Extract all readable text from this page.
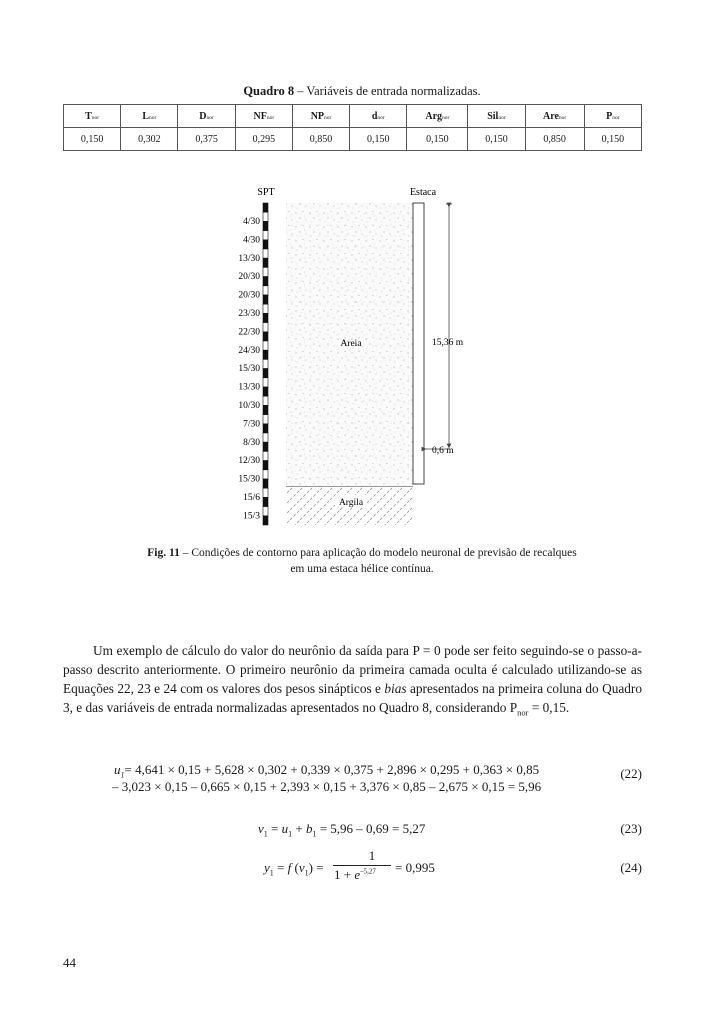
Quadro 8 – Variáveis de entrada normalizadas.
Tnor	Lnor	Dnor	NFnor	NPnor	dnor	Argnor	Silnor	Arenor	Pnor
0,150	0,302	0,375	0,295	0,850	0,150	0,150	0,150	0,850	0,150
SPT	Estaca
Areia
Argila
4/30
4/30
13/30
20/30
20/30
23/30
22/30
24/30
15/30
13/30
10/30
7/30
8/30
12/30
15/30
15/6
15/3
15,36 m
0,6 m
Fig. 11 – Condições de contorno para aplicação do modelo neuronal de previsão de recalques
em uma estaca hélice contínua.
Um exemplo de cálculo do valor do neurônio da saída para P = 0 pode ser feito seguindo-se o passo-a-passo descrito anteriormente. O primeiro neurônio da primeira camada oculta é calculado utilizando-se as Equações 22, 23 e 24 com os valores dos pesos sinápticos e bias apresentados na primeira coluna do Quadro 3, e das variáveis de entrada normalizadas apresentados no Quadro 8, considerando $P_{nor} = 0,15$.
$u_1= 4,641 \times 0,15 + 5,628 \times 0,302 + 0,339 \times 0,375 + 2,896 \times 0,295 + 0,363 \times 0,85$
– 3,023 × 0,15 – 0,665 × 0,15 + 2,393 × 0,15 + 3,376 × 0,85 – 2,675 × 0,15 = 5,96
(22)
$v_1 = u_1 + b_1 = 5,96 - 0,69 = 5,27$	(23)
$y_1 = f$ $(v_1)$ =
1
$1 + e^{-5,27} = 0,995$	(24)
44
